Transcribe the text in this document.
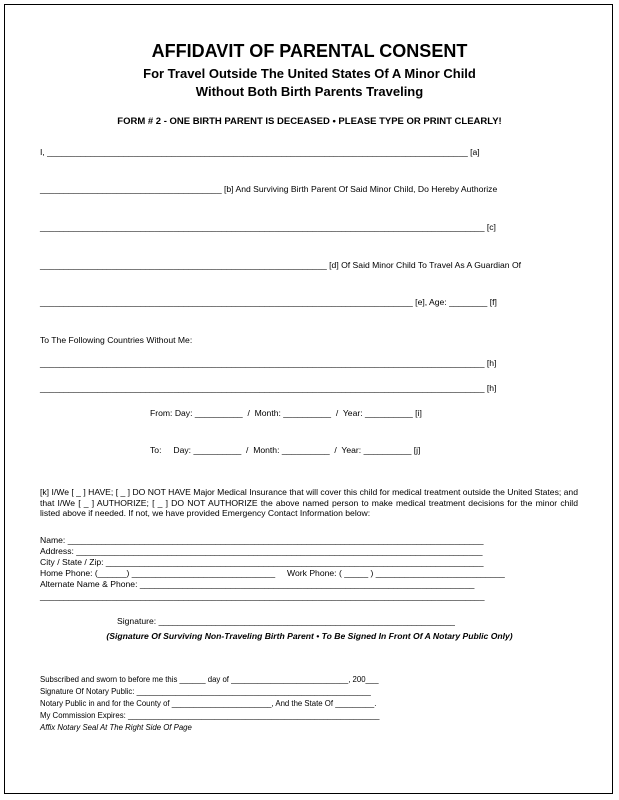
AFFIDAVIT OF PARENTAL CONSENT
For Travel Outside The United States Of A Minor Child
Without Both Birth Parents Traveling
FORM # 2 - ONE BIRTH PARENT IS DECEASED • PLEASE TYPE OR PRINT CLEARLY!
I, ________________________________________________________________________________________ [a]
______________________________________ [b] And Surviving Birth Parent Of Said Minor Child, Do Hereby Authorize
_____________________________________________________________________________________________ [c]
____________________________________________________________ [d] Of Said Minor Child To Travel As A Guardian Of
______________________________________________________________________________ [e], Age: ________ [f]
To The Following Countries Without Me:
_____________________________________________________________________________________________ [h]
_____________________________________________________________________________________________ [h]
From: Day: __________  /  Month: __________  /  Year: __________ [i]
To:     Day: __________  /  Month: __________  /  Year: __________ [j]
[k] I/We [ _ ] HAVE; [ _ ] DO NOT HAVE Major Medical Insurance that will cover this child for medical treatment outside the United States; and that I/We [ _ ] AUTHORIZE; [ _ ] DO NOT AUTHORIZE the above named person to make medical treatment decisions for the minor child listed above if needed. If not, we have provided Emergency Contact Information below:
Name: _______________________________________________________________________________________
Address: _____________________________________________________________________________________
City / State / Zip: _______________________________________________________________________________
Home Phone: (______) ______________________________     Work Phone: ( _____ ) ___________________________
Alternate Name & Phone: ______________________________________________________________________
_____________________________________________________________________________________________
Signature: ______________________________________________________________
(Signature Of Surviving Non-Traveling Birth Parent • To Be Signed In Front Of A Notary Public Only)
Subscribed and sworn to before me this ______ day of ___________________________, 200___
Signature Of Notary Public: ______________________________________________________
Notary Public in and for the County of _______________________, And the State Of _________.
My Commission Expires: __________________________________________________________
Affix Notary Seal At The Right Side Of Page
